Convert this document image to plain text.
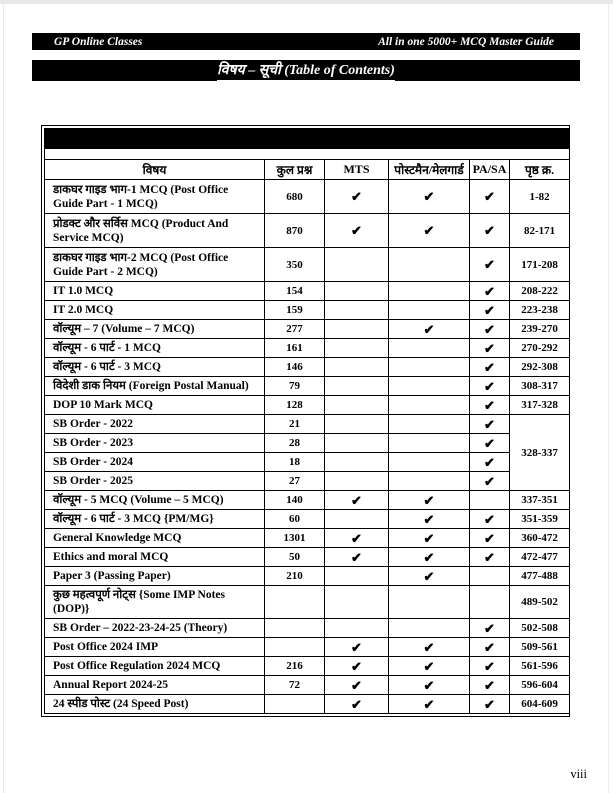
GP Online Classes	All in one 5000+ MCQ Master Guide
विषय – सूची (Table of Contents)
बहुविकल्पीय प्रश्न (Multiple Choice Question)					

विषय	कुल प्रश्न	MTS	पोस्टमैन/मेलगार्ड	PA/SA	पृष्ठ क्र.
डाकघर गाइड भाग-1 MCQ (Post Office Guide Part - 1 MCQ)	680	✔	✔	✔	1-82
प्रोडक्ट और सर्विस MCQ (Product And Service MCQ)	870	✔	✔	✔	82-171
डाकघर गाइड भाग-2 MCQ (Post Office Guide Part - 2 MCQ)	350			✔	171-208
IT 1.0 MCQ	154			✔	208-222
IT 2.0 MCQ	159			✔	223-238
वॉल्यूम – 7 (Volume – 7 MCQ)	277		✔	✔	239-270
वॉल्यूम - 6 पार्ट - 1 MCQ	161			✔	270-292
वॉल्यूम - 6 पार्ट - 3 MCQ	146			✔	292-308
विदेशी डाक नियम (Foreign Postal Manual)	79			✔	308-317
DOP 10 Mark MCQ	128			✔	317-328
SB Order - 2022	21			✔	328-337
SB Order - 2023	28			✔	
SB Order - 2024	18			✔	
SB Order - 2025	27			✔	
वॉल्यूम - 5 MCQ (Volume – 5 MCQ)	140	✔	✔		337-351
वॉल्यूम - 6 पार्ट - 3 MCQ {PM/MG}	60		✔	✔	351-359
General Knowledge MCQ	1301	✔	✔	✔	360-472
Ethics and moral MCQ	50	✔	✔	✔	472-477
Paper 3 (Passing Paper)	210		✔		477-488
कुछ महत्वपूर्ण नोट्स {Some IMP Notes (DOP)}					489-502
SB Order – 2022-23-24-25 (Theory)				✔	502-508
Post Office 2024 IMP		✔	✔	✔	509-561
Post Office Regulation 2024 MCQ	216	✔	✔	✔	561-596
Annual Report 2024-25	72	✔	✔	✔	596-604
24 स्पीड पोस्ट (24 Speed Post)		✔	✔	✔	604-609
viii
